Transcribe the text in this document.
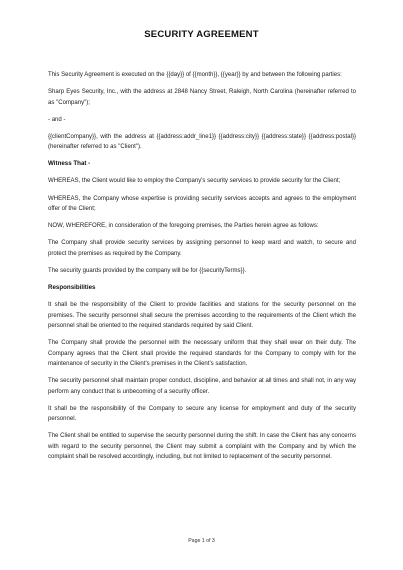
SECURITY AGREEMENT

This Security Agreement is executed on the {{day}} of {{month}}, {{year}} by and between the following parties:

Sharp Eyes Security, Inc., with the address at 2848 Nancy Street, Raleigh, North Carolina (hereinafter referred to as "Company");

- and -

{{clientCompany}}, with the address at {{address:addr_line1}} {{address:city}} {{address:state}} {{address:postal}} (hereinafter referred to as "Client").

Witness That -

WHEREAS, the Client would like to employ the Company's security services to provide security for the Client;

WHEREAS, the Company whose expertise is providing security services accepts and agrees to the employment offer of the Client;

NOW, WHEREFORE, in consideration of the foregoing premises, the Parties herein agree as follows:

The Company shall provide security services by assigning personnel to keep ward and watch, to secure and protect the premises as required by the Company.

The security guards provided by the company will be for {{securityTerms}}.

Responsibilities

It shall be the responsibility of the Client to provide facilities and stations for the security personnel on the premises. The security personnel shall secure the premises according to the requirements of the Client which the personnel shall be oriented to the required standards required by said Client.

The Company shall provide the personnel with the necessary uniform that they shall wear on their duty. The Company agrees that the Client shall provide the required standards for the Company to comply with for the maintenance of security in the Client's premises in the Client's satisfaction.

The security personnel shall maintain proper conduct, discipline, and behavior at all times and shall not, in any way perform any conduct that is unbecoming of a security officer.

It shall be the responsibility of the Company to secure any license for employment and duty of the security personnel.

The Client shall be entitled to supervise the security personnel during the shift. In case the Client has any concerns with regard to the security personnel, the Client may submit a complaint with the Company and by which the complaint shall be resolved accordingly, including, but not limited to replacement of the security personnel.

Page 1 of 3
